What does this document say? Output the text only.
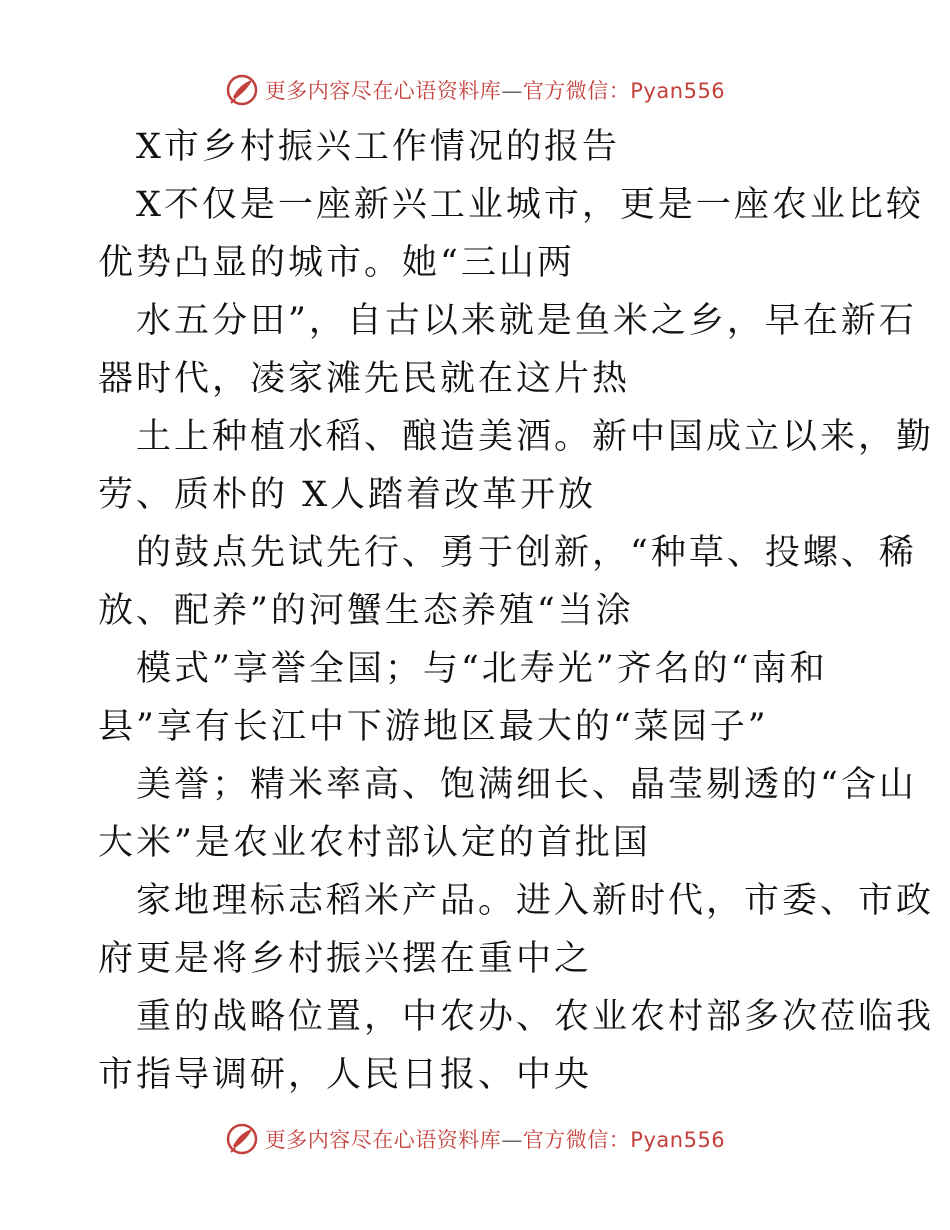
更多内容尽在心语资料库—官方微信：Pyan556
X市乡村振兴工作情况的报告
X不仅是一座新兴工业城市，更是一座农业比较
优势凸显的城市。她“三山两
水五分田”，自古以来就是鱼米之乡，早在新石
器时代，凌家滩先民就在这片热
土上种植水稻、酿造美酒。新中国成立以来，勤
劳、质朴的 X人踏着改革开放
的鼓点先试先行、勇于创新，“种草、投螺、稀
放、配养”的河蟹生态养殖“当涂
模式”享誉全国；与“北寿光”齐名的“南和
县”享有长江中下游地区最大的“菜园子”
美誉；精米率高、饱满细长、晶莹剔透的“含山
大米”是农业农村部认定的首批国
家地理标志稻米产品。进入新时代，市委、市政
府更是将乡村振兴摆在重中之
重的战略位置，中农办、农业农村部多次莅临我
市指导调研，人民日报、中央
更多内容尽在心语资料库—官方微信：Pyan556
